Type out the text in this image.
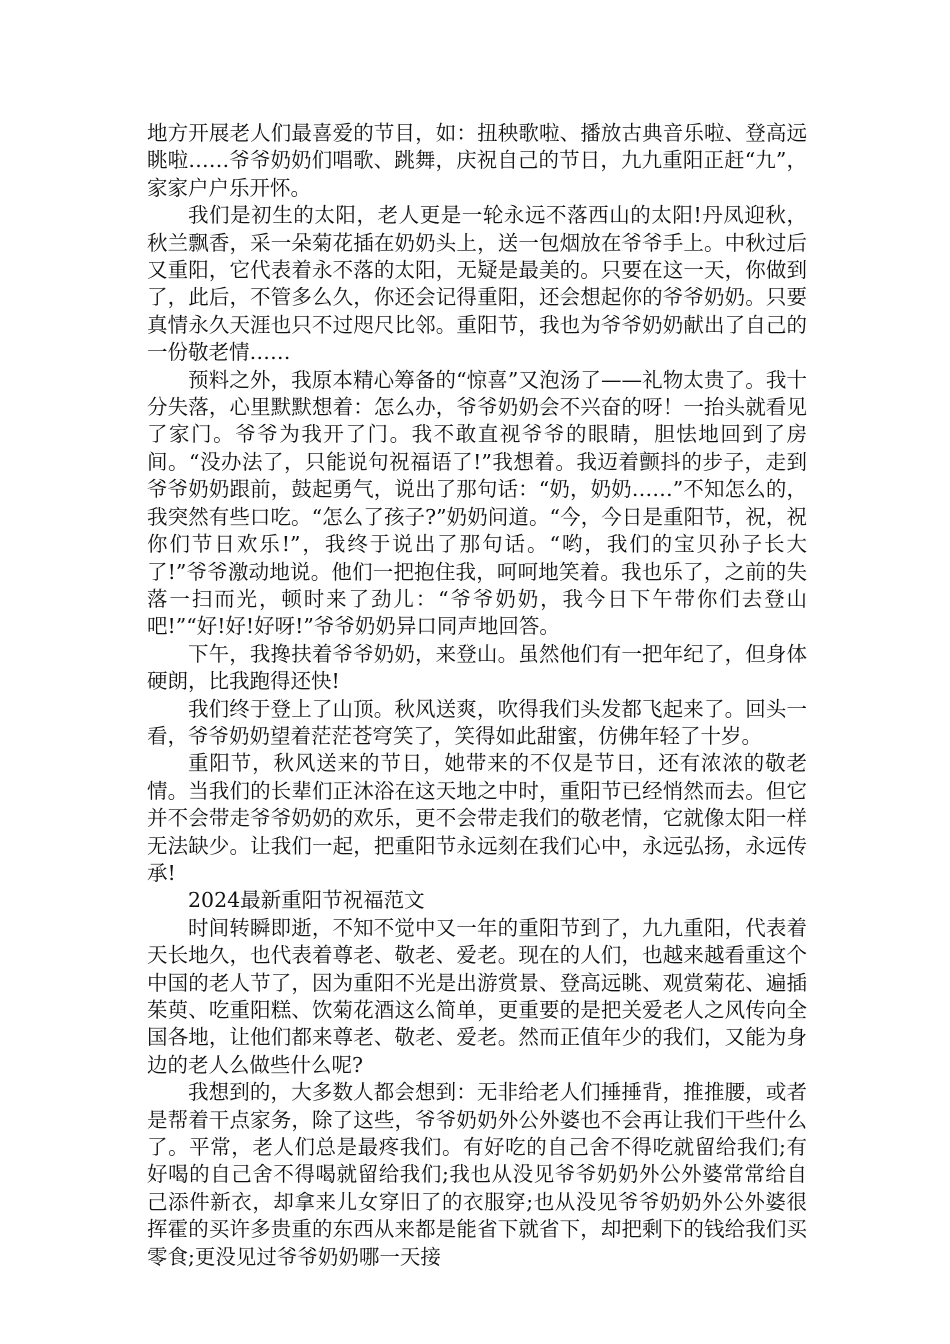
地方开展老人们最喜爱的节目，如：扭秧歌啦、播放古典音乐啦、登高远眺啦……爷爷奶奶们唱歌、跳舞，庆祝自己的节日，九九重阳正赶“九”，家家户户乐开怀。

我们是初生的太阳，老人更是一轮永远不落西山的太阳!丹凤迎秋，秋兰飘香，采一朵菊花插在奶奶头上，送一包烟放在爷爷手上。中秋过后又重阳，它代表着永不落的太阳，无疑是最美的。只要在这一天，你做到了，此后，不管多么久，你还会记得重阳，还会想起你的爷爷奶奶。只要真情永久天涯也只不过咫尺比邻。重阳节，我也为爷爷奶奶献出了自己的一份敬老情……

预料之外，我原本精心筹备的“惊喜”又泡汤了——礼物太贵了。我十分失落，心里默默想着：怎么办，爷爷奶奶会不兴奋的呀！一抬头就看见了家门。爷爷为我开了门。我不敢直视爷爷的眼睛，胆怯地回到了房间。“没办法了，只能说句祝福语了!”我想着。我迈着颤抖的步子，走到爷爷奶奶跟前，鼓起勇气，说出了那句话：“奶，奶奶……”不知怎么的，我突然有些口吃。“怎么了孩子?”奶奶问道。“今，今日是重阳节，祝，祝你们节日欢乐!”，我终于说出了那句话。“哟，我们的宝贝孙子长大了!”爷爷激动地说。他们一把抱住我，呵呵地笑着。我也乐了，之前的失落一扫而光，顿时来了劲儿：“爷爷奶奶，我今日下午带你们去登山吧!”“好!好!好呀!”爷爷奶奶异口同声地回答。

下午，我搀扶着爷爷奶奶，来登山。虽然他们有一把年纪了，但身体硬朗，比我跑得还快!

我们终于登上了山顶。秋风送爽，吹得我们头发都飞起来了。回头一看，爷爷奶奶望着茫茫苍穹笑了，笑得如此甜蜜，仿佛年轻了十岁。

重阳节，秋风送来的节日，她带来的不仅是节日，还有浓浓的敬老情。当我们的长辈们正沐浴在这天地之中时，重阳节已经悄然而去。但它并不会带走爷爷奶奶的欢乐，更不会带走我们的敬老情，它就像太阳一样无法缺少。让我们一起，把重阳节永远刻在我们心中，永远弘扬，永远传承!

2024最新重阳节祝福范文

时间转瞬即逝，不知不觉中又一年的重阳节到了，九九重阳，代表着天长地久，也代表着尊老、敬老、爱老。现在的人们，也越来越看重这个中国的老人节了，因为重阳不光是出游赏景、登高远眺、观赏菊花、遍插茱萸、吃重阳糕、饮菊花酒这么简单，更重要的是把关爱老人之风传向全国各地，让他们都来尊老、敬老、爱老。然而正值年少的我们，又能为身边的老人么做些什么呢?

我想到的，大多数人都会想到：无非给老人们捶捶背，推推腰，或者是帮着干点家务，除了这些，爷爷奶奶外公外婆也不会再让我们干些什么了。平常，老人们总是最疼我们。有好吃的自己舍不得吃就留给我们;有好喝的自己舍不得喝就留给我们;我也从没见爷爷奶奶外公外婆常常给自己添件新衣，却拿来儿女穿旧了的衣服穿;也从没见爷爷奶奶外公外婆很挥霍的买许多贵重的东西从来都是能省下就省下，却把剩下的钱给我们买零食;更没见过爷爷奶奶哪一天接
